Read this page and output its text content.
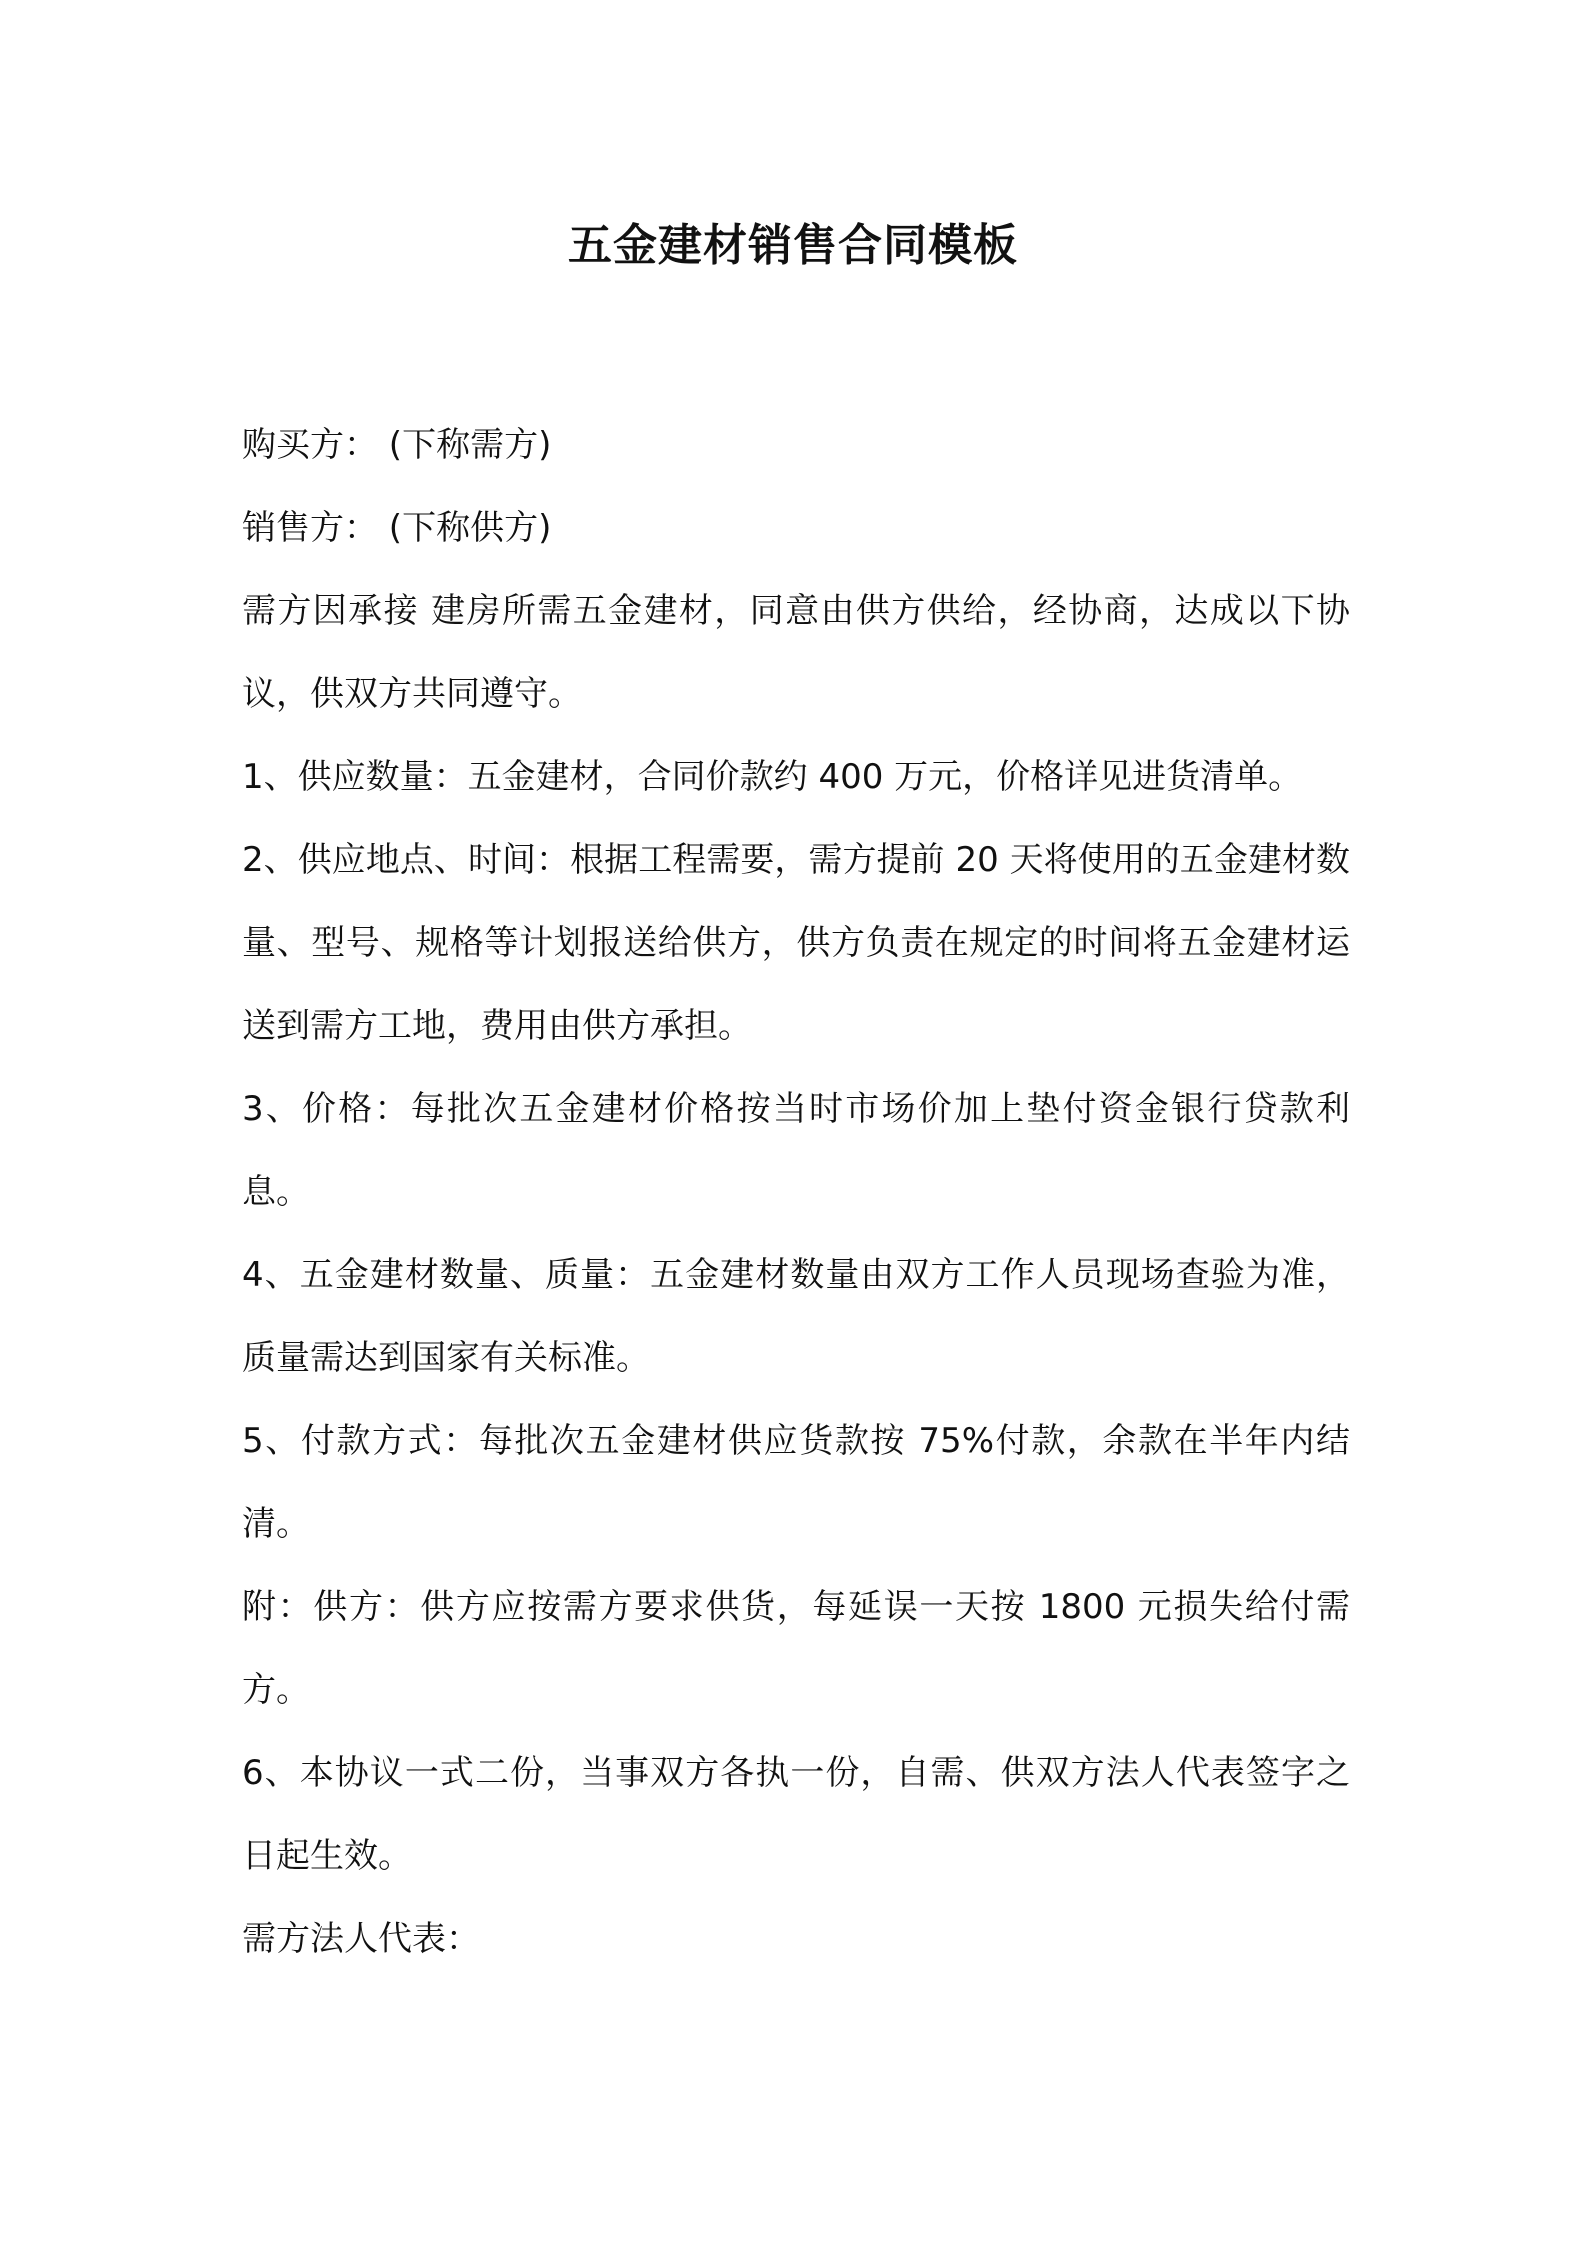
五金建材销售合同模板

购买方： (下称需方)

销售方： (下称供方)

需方因承接 建房所需五金建材，同意由供方供给，经协商，达成以下协议，供双方共同遵守。

1、供应数量：五金建材，合同价款约 400 万元，价格详见进货清单。

2、供应地点、时间：根据工程需要，需方提前 20 天将使用的五金建材数量、型号、规格等计划报送给供方，供方负责在规定的时间将五金建材运送到需方工地，费用由供方承担。

3、价格：每批次五金建材价格按当时市场价加上垫付资金银行贷款利息。

4、五金建材数量、质量：五金建材数量由双方工作人员现场查验为准，质量需达到国家有关标准。

5、付款方式：每批次五金建材供应货款按 75%付款，余款在半年内结清。

附：供方：供方应按需方要求供货，每延误一天按 1800 元损失给付需方。

6、本协议一式二份，当事双方各执一份，自需、供双方法人代表签字之日起生效。

需方法人代表：
